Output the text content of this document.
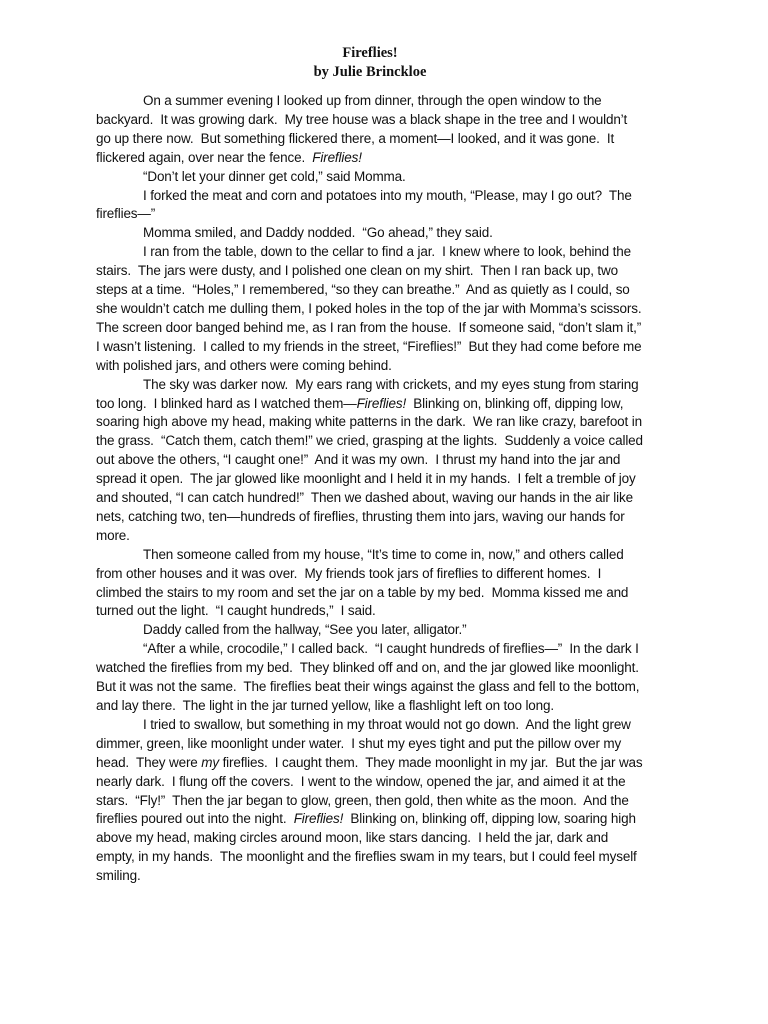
Fireflies!
by Julie Brinckloe

On a summer evening I looked up from dinner, through the open window to the backyard.  It was growing dark.  My tree house was a black shape in the tree and I wouldn’t go up there now.  But something flickered there, a moment—I looked, and it was gone.  It flickered again, over near the fence.  Fireflies!

“Don’t let your dinner get cold,” said Momma.

I forked the meat and corn and potatoes into my mouth, “Please, may I go out?  The fireflies—”

Momma smiled, and Daddy nodded.  “Go ahead,” they said.

I ran from the table, down to the cellar to find a jar.  I knew where to look, behind the stairs.  The jars were dusty, and I polished one clean on my shirt.  Then I ran back up, two steps at a time.  “Holes,” I remembered, “so they can breathe.”  And as quietly as I could, so she wouldn’t catch me dulling them, I poked holes in the top of the jar with Momma’s scissors.  The screen door banged behind me, as I ran from the house.  If someone said, “don’t slam it,” I wasn’t listening.  I called to my friends in the street, “Fireflies!”  But they had come before me with polished jars, and others were coming behind.

The sky was darker now.  My ears rang with crickets, and my eyes stung from staring too long.  I blinked hard as I watched them—Fireflies!  Blinking on, blinking off, dipping low, soaring high above my head, making white patterns in the dark.  We ran like crazy, barefoot in the grass.  “Catch them, catch them!” we cried, grasping at the lights.  Suddenly a voice called out above the others, “I caught one!”  And it was my own.  I thrust my hand into the jar and spread it open.  The jar glowed like moonlight and I held it in my hands.  I felt a tremble of joy and shouted, “I can catch hundred!”  Then we dashed about, waving our hands in the air like nets, catching two, ten—hundreds of fireflies, thrusting them into jars, waving our hands for more.

Then someone called from my house, “It’s time to come in, now,” and others called from other houses and it was over.  My friends took jars of fireflies to different homes.  I climbed the stairs to my room and set the jar on a table by my bed.  Momma kissed me and turned out the light.  “I caught hundreds,”  I said.

Daddy called from the hallway, “See you later, alligator.”

“After a while, crocodile,” I called back.  “I caught hundreds of fireflies—”  In the dark I watched the fireflies from my bed.  They blinked off and on, and the jar glowed like moonlight.  But it was not the same.  The fireflies beat their wings against the glass and fell to the bottom, and lay there.  The light in the jar turned yellow, like a flashlight left on too long.

I tried to swallow, but something in my throat would not go down.  And the light grew dimmer, green, like moonlight under water.  I shut my eyes tight and put the pillow over my head.  They were my fireflies.  I caught them.  They made moonlight in my jar.  But the jar was nearly dark.  I flung off the covers.  I went to the window, opened the jar, and aimed it at the stars.  “Fly!”  Then the jar began to glow, green, then gold, then white as the moon.  And the fireflies poured out into the night.  Fireflies!  Blinking on, blinking off, dipping low, soaring high above my head, making circles around moon, like stars dancing.  I held the jar, dark and empty, in my hands.  The moonlight and the fireflies swam in my tears, but I could feel myself smiling.
